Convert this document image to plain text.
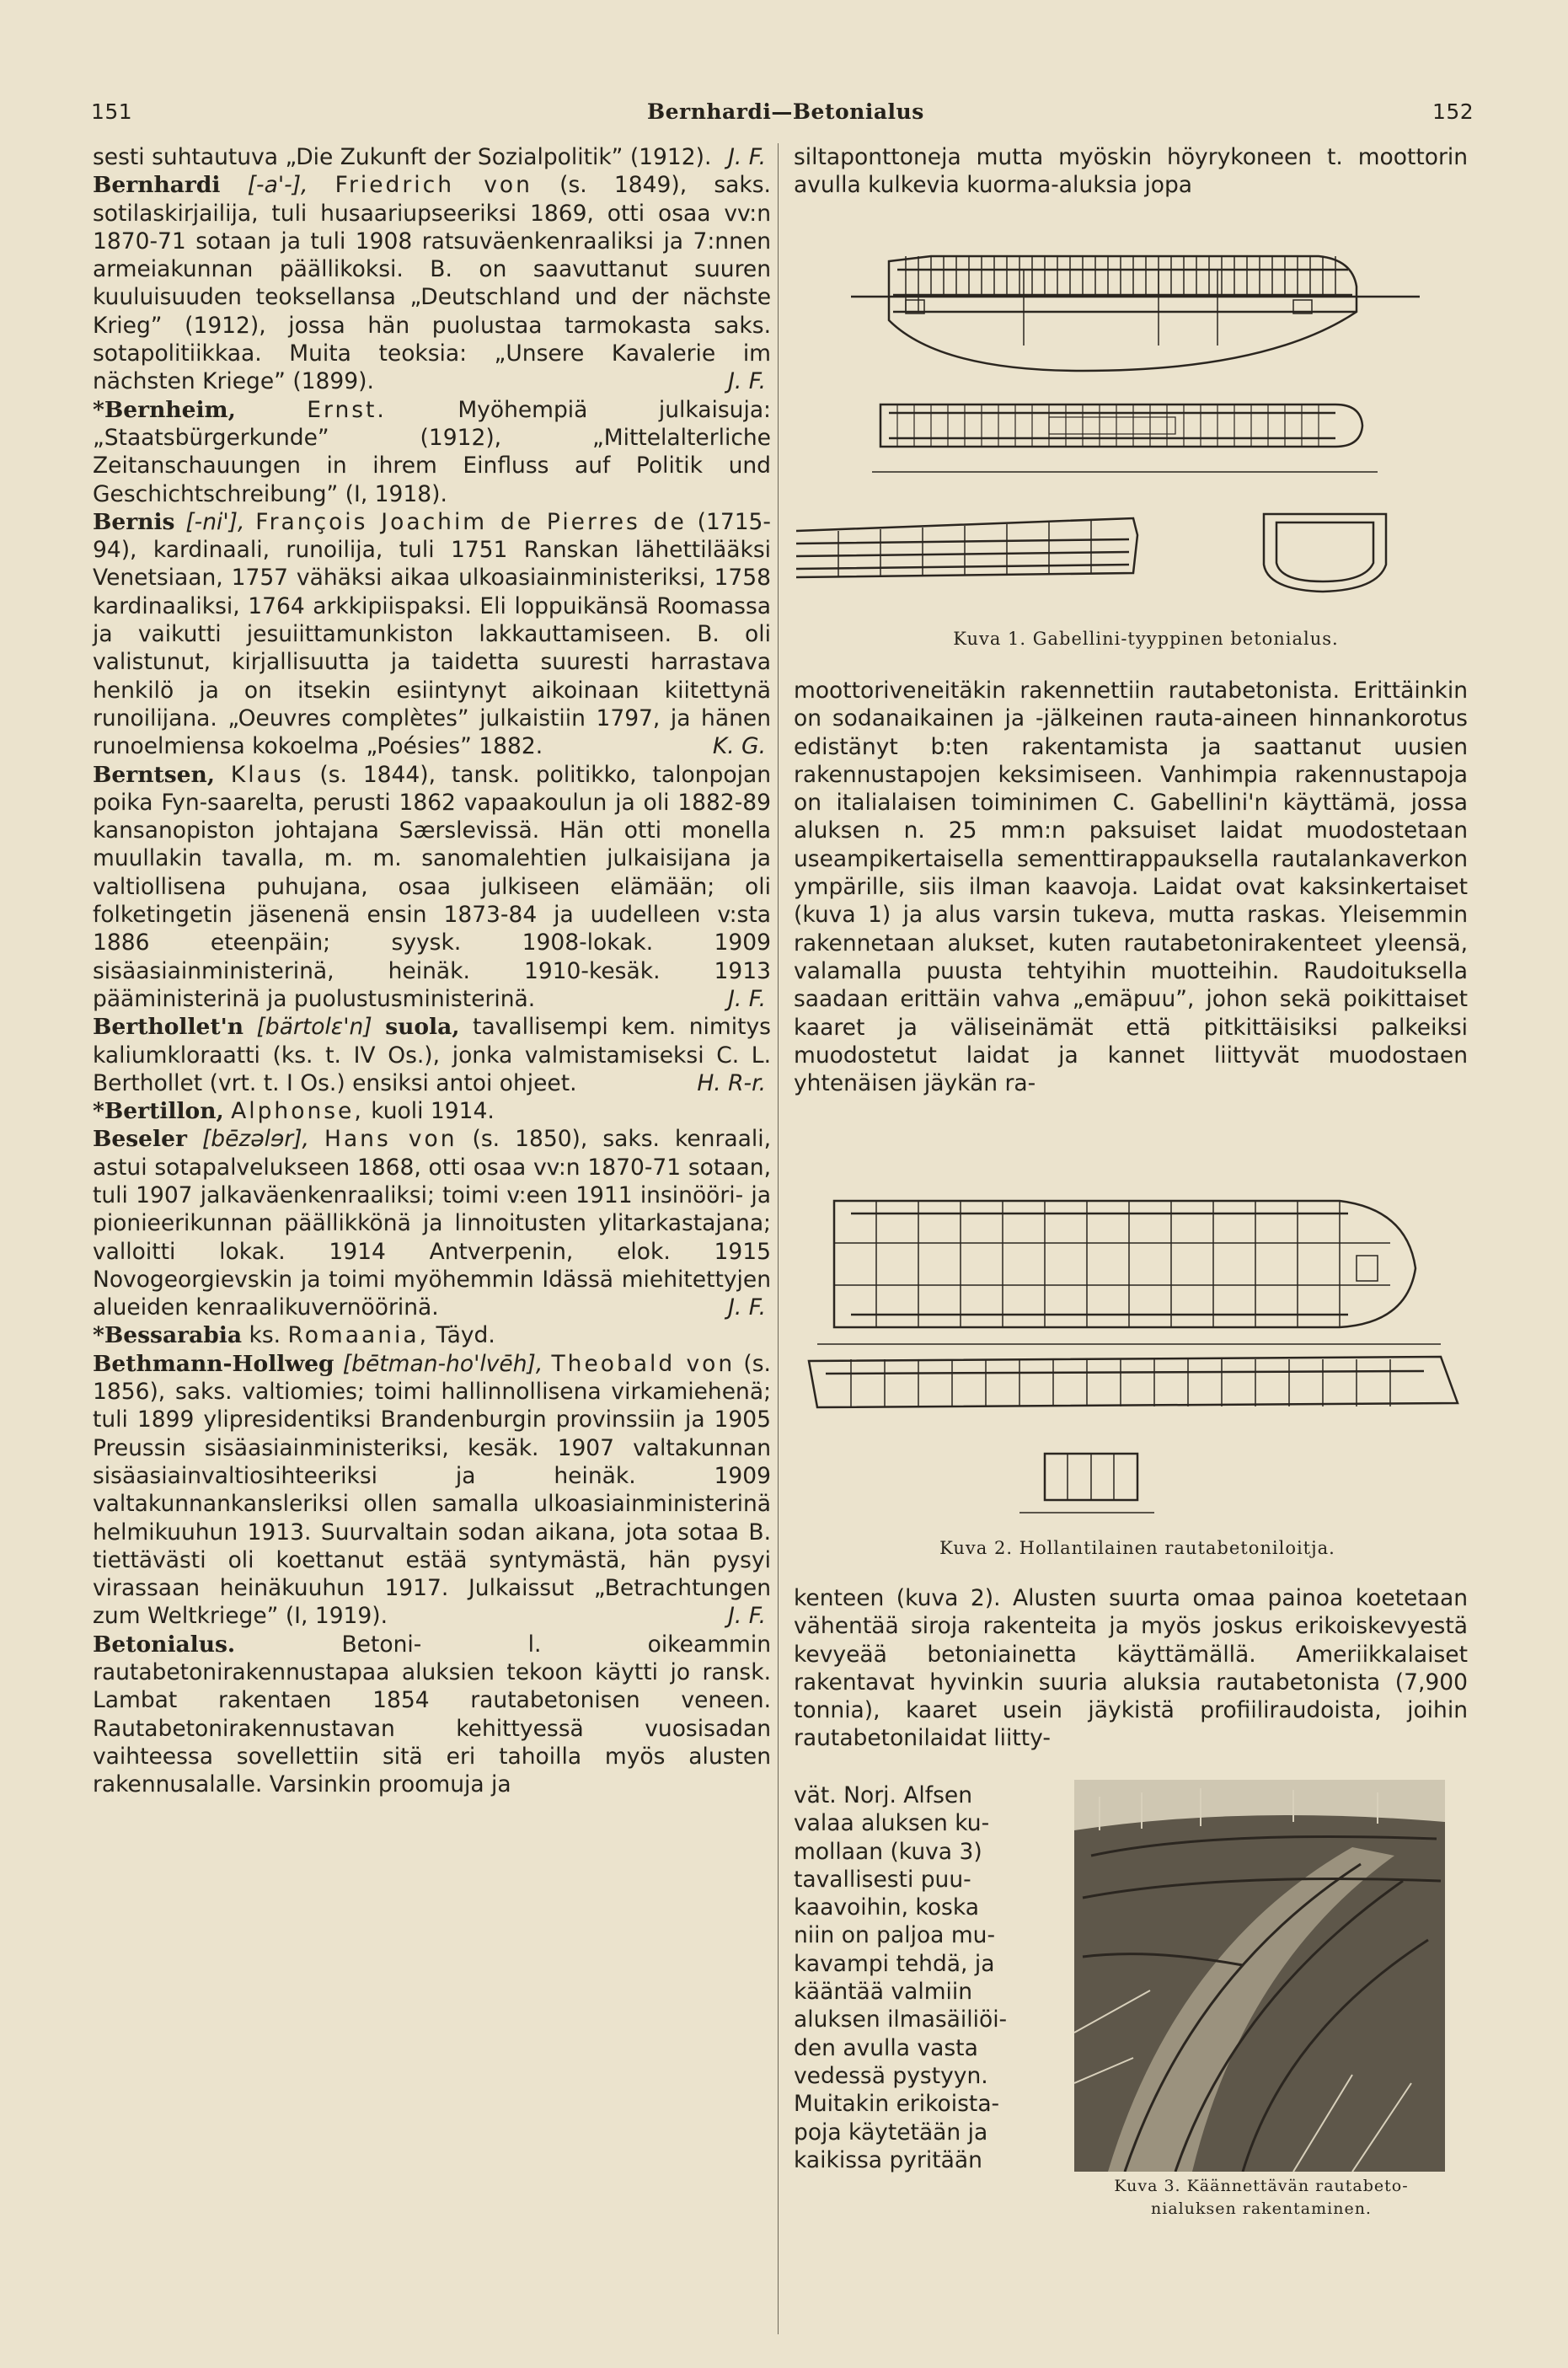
151	Bernhardi—Betonialus	152

sesti suhtautuva „Die Zukunft der Sozialpolitik” (1912). J. F.

Bernhardi [-a'-], Friedrich von (s. 1849), saks. sotilaskirjailija, tuli husaariupseeriksi 1869, otti osaa vv:n 1870-71 sotaan ja tuli 1908 ratsuväenkenraaliksi ja 7:nnen armeiakunnan päällikoksi. B. on saavuttanut suuren kuuluisuuden teoksellansa „Deutschland und der nächste Krieg” (1912), jossa hän puolustaa tarmokasta saks. sotapolitiikkaa. Muita teoksia: „Unsere Kavalerie im nächsten Kriege” (1899).	J. F.

*Bernheim,	Ernst.	Myöhempiä julkaisuja: „Staatsbürgerkunde” (1912), „Mittelalterliche Zeitanschauungen in ihrem Einfluss auf Politik und Geschichtschreibung” (I, 1918).

Bernis [-ni'], François Joachim de Pierres de (1715-94), kardinaali, runoilija, tuli 1751 Ranskan lähettilääksi Venetsiaan, 1757 vähäksi aikaa ulkoasiainministeriksi, 1758 kardinaaliksi, 1764 arkkipiispaksi. Eli loppuikänsä Roomassa ja vaikutti jesuiittamunkiston lakkauttamiseen. B. oli valistunut, kirjallisuutta ja taidetta suuresti harrastava henkilö ja on itsekin esiintynyt aikoinaan kiitettynä runoilijana. „Oeuvres complètes” julkaistiin 1797, ja hänen runoelmiensa kokoelma „Poésies” 1882.	K. G.

Berntsen, Klaus (s. 1844), tansk. politikko, talonpojan poika Fyn-saarelta, perusti 1862 vapaakoulun ja oli 1882-89 kansanopiston johtajana Særslevissä. Hän otti monella muullakin tavalla, m. m. sanomalehtien julkaisijana ja valtiollisena puhujana, osaa julkiseen elämään; oli folketingetin jäsenenä ensin 1873-84 ja uudelleen v:sta 1886 eteenpäin; syysk. 1908-lokak. 1909 sisäasiainministerinä, heinäk. 1910-kesäk. 1913 pääministerinä ja puolustusministerinä.	J. F.

Berthollet'n [bärtolɛ'n] suola, tavallisempi kem. nimitys kaliumkloraatti (ks. t. IV Os.), jonka valmistamiseksi C. L. Berthollet (vrt. t. I Os.) ensiksi antoi ohjeet.	H. R-r.

*Bertillon, Alphonse, kuoli 1914.

Beseler [bēzəlɘr], Hans von (s. 1850), saks. kenraali, astui sotapalvelukseen 1868, otti osaa vv:n 1870-71 sotaan, tuli 1907 jalkaväenkenraaliksi; toimi v:een 1911 insinööri- ja pionieerikunnan päällikkönä ja linnoitusten ylitarkastajana; valloitti lokak. 1914 Antverpenin, elok. 1915 Novogeorgievskin ja toimi myöhemmin Idässä miehitettyjen alueiden kenraalikuvernöörinä.	J. F.

*Bessarabia ks. Romaania, Täyd.

Bethmann-Hollweg [bētman-ho'lvēh], Theobald von (s. 1856), saks. valtiomies; toimi hallinnollisena virkamiehenä; tuli 1899 ylipresidentiksi Brandenburgin provinssiin ja 1905 Preussin sisäasiainministeriksi, kesäk. 1907 valtakunnan sisäasiainvaltiosihteeriksi ja heinäk. 1909 valtakunnankansleriksi ollen samalla ulkoasiainministerinä helmikuuhun 1913. Suurvaltain sodan aikana, jota sotaa B. tiettävästi oli koettanut estää syntymästä, hän pysyi virassaan heinäkuuhun 1917. Julkaissut „Betrachtungen zum Weltkriege” (I, 1919).	J. F.

Betonialus.	Betoni- l. oikeammin rautabetonirakennustapaa aluksien tekoon käytti jo ransk. Lambat rakentaen 1854 rautabetonisen veneen. Rautabetonirakennustavan kehittyessä vuosisadan vaihteessa sovellettiin sitä eri tahoilla myös alusten rakennusalalle. Varsinkin proomuja ja

siltaponttoneja mutta myöskin höyrykoneen t. moottorin avulla kulkevia kuorma-aluksia jopa

Kuva 1. Gabellini-tyyppinen betonialus.

moottoriveneitäkin rakennettiin rautabetonista. Erittäinkin on sodanaikainen ja -jälkeinen rauta-aineen hinnankorotus edistänyt b:ten rakentamista ja saattanut uusien rakennustapojen keksimiseen. Vanhimpia rakennustapoja on italialaisen toiminimen C. Gabellini'n käyttämä, jossa aluksen n. 25 mm:n paksuiset laidat muodostetaan useampikertaisella sementtirappauksella rautalankaverkon ympärille, siis ilman kaavoja. Laidat ovat kaksinkertaiset (kuva 1) ja alus varsin tukeva, mutta raskas. Yleisemmin rakennetaan alukset, kuten rautabetonirakenteet yleensä, valamalla puusta tehtyihin muotteihin. Raudoituksella saadaan erittäin vahva „emäpuu”, johon sekä poikittaiset kaaret ja väliseinämät että pitkittäisiksi palkeiksi muodostetut laidat ja kannet liittyvät muodostaen yhtenäisen jäykän ra-

Kuva 2. Hollantilainen rautabetoniloitja.

kenteen (kuva 2). Alusten suurta omaa painoa koetetaan vähentää siroja rakenteita ja myös joskus erikoiskevyestä kevyeää betoniainetta käyttämällä. Ameriikkalaiset rakentavat hyvinkin suuria aluksia rautabetonista (7,900 tonnia), kaaret usein jäykistä profiiliraudoista, joihin rautabetonilaidat liitty-

vät. Norj. Alfsen
valaa aluksen ku-
mollaan (kuva 3)
tavallisesti puu-
kaavoihin, koska
niin on paljoa mu-
kavampi tehdä, ja
kääntää valmiin
aluksen ilmasäiliöi-
den avulla vasta
vedessä pystyyn.
Muitakin erikoista-
poja käytetään ja
kaikissa pyritään
Kuva 3. Käännettävän rautabeto-
nialuksen rakentaminen.
